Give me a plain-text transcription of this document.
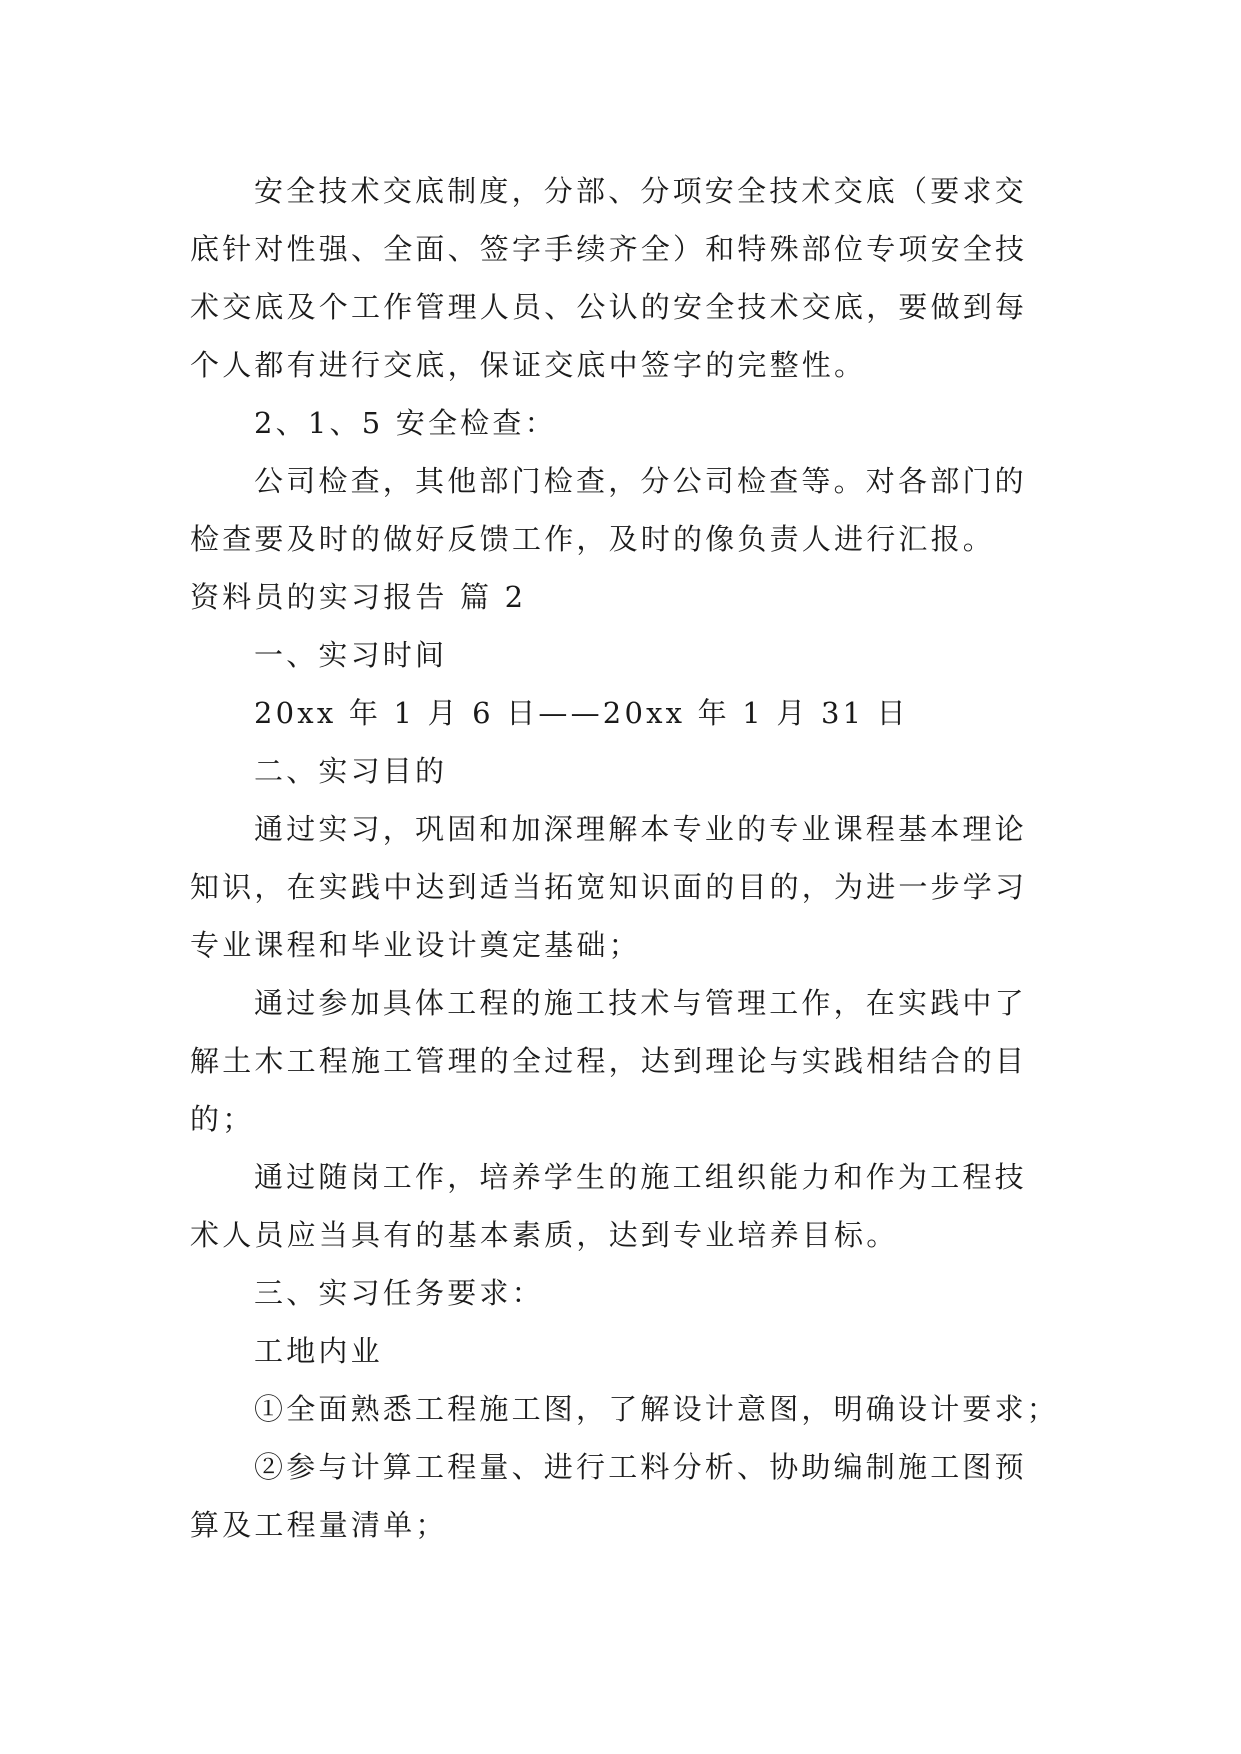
安全技术交底制度，分部、分项安全技术交底（要求交
底针对性强、全面、签字手续齐全）和特殊部位专项安全技
术交底及个工作管理人员、公认的安全技术交底，要做到每
个人都有进行交底，保证交底中签字的完整性。

2、1、5 安全检查：

公司检查，其他部门检查，分公司检查等。对各部门的
检查要及时的做好反馈工作，及时的像负责人进行汇报。

资料员的实习报告 篇 2

一、实习时间

20xx 年 1 月 6 日——20xx 年 1 月 31 日

二、实习目的

通过实习，巩固和加深理解本专业的专业课程基本理论
知识，在实践中达到适当拓宽知识面的目的，为进一步学习
专业课程和毕业设计奠定基础；

通过参加具体工程的施工技术与管理工作，在实践中了
解土木工程施工管理的全过程，达到理论与实践相结合的目
的；

通过随岗工作，培养学生的施工组织能力和作为工程技
术人员应当具有的基本素质，达到专业培养目标。

三、实习任务要求：

工地内业

①全面熟悉工程施工图，了解设计意图，明确设计要求；

②参与计算工程量、进行工料分析、协助编制施工图预
算及工程量清单；
